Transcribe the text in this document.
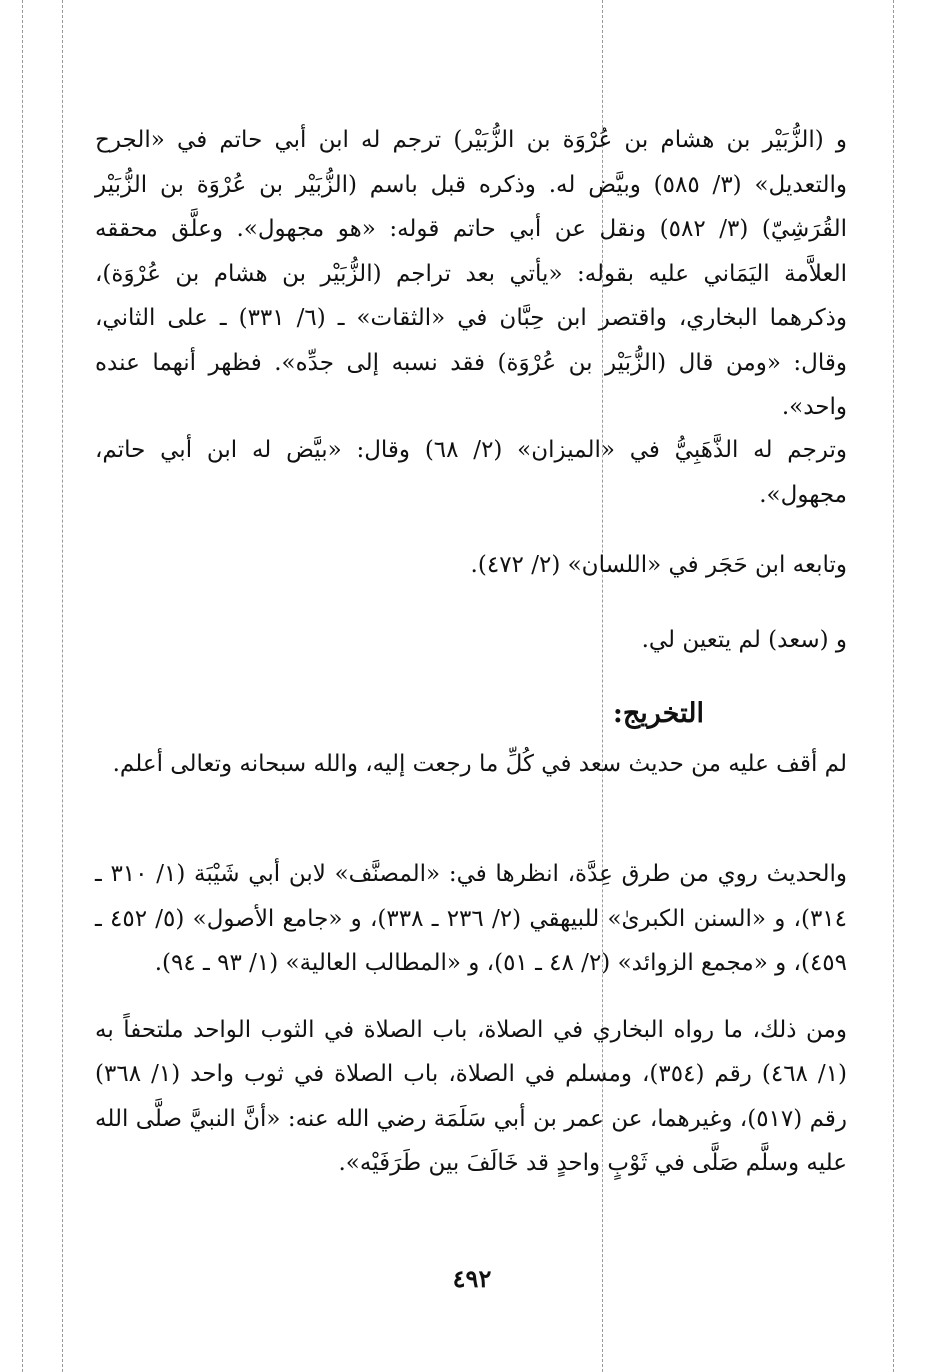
و (الزُّبَيْر بن هشام بن عُرْوَة بن الزُّبَيْر) ترجم له ابن أبي حاتم في «الجرح والتعديل» (٣/ ٥٨٥) وبيَّض له. وذكره قبل باسم (الزُّبَيْر بن عُرْوَة بن الزُّبَيْر القُرَشِيّ) (٣/ ٥٨٢) ونقل عن أبي حاتم قوله: «هو مجهول». وعلَّق محققه العلاَّمة اليَمَاني عليه بقوله: «يأتي بعد تراجم (الزُّبَيْر بن هشام بن عُرْوَة)، وذكرهما البخاري، واقتصر ابن حِبَّان في «الثقات» ـ (٦/ ٣٣١) ـ على الثاني، وقال: «ومن قال (الزُّبَيْر بن عُرْوَة) فقد نسبه إلى جدِّه». فظهر أنهما عنده واحد».

وترجم له الذَّهَبِيُّ في «الميزان» (٢/ ٦٨) وقال: «بيَّض له ابن أبي حاتم، مجهول».

وتابعه ابن حَجَر في «اللسان» (٢/ ٤٧٢).

و (سعد) لم يتعين لي.

التخريج:

لم أقف عليه من حديث سعد في كُلِّ ما رجعت إليه، والله سبحانه وتعالى أعلم.

والحديث روي من طرق عِدَّة، انظرها في: «المصنَّف» لابن أبي شَيْبَة (١/ ٣١٠ ـ ٣١٤)، و «السنن الكبرىٰ» للبيهقي (٢/ ٢٣٦ ـ ٣٣٨)، و «جامع الأصول» (٥/ ٤٥٢ ـ ٤٥٩)، و «مجمع الزوائد» (٢/ ٤٨ ـ ٥١)، و «المطالب العالية» (١/ ٩٣ ـ ٩٤).

ومن ذلك، ما رواه البخاري في الصلاة، باب الصلاة في الثوب الواحد ملتحفاً به (١/ ٤٦٨) رقم (٣٥٤)، ومسلم في الصلاة، باب الصلاة في ثوب واحد (١/ ٣٦٨) رقم (٥١٧)، وغيرهما، عن عمر بن أبي سَلَمَة رضي الله عنه: «أنَّ النبيَّ صلَّى الله عليه وسلَّم صَلَّى في ثَوْبٍ واحدٍ قد خَالَفَ بين طَرَفَيْه».

٤٩٢
